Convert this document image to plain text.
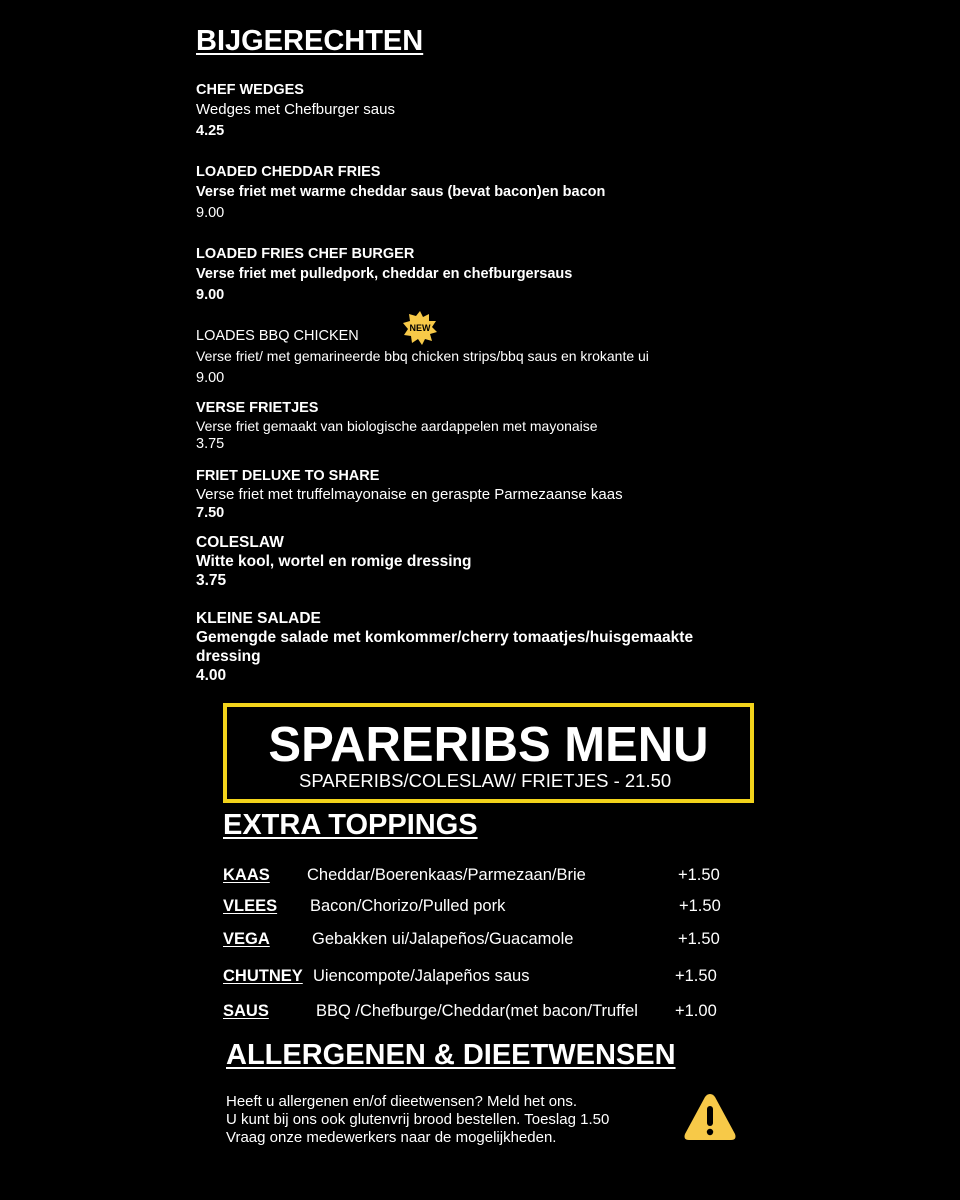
BIJGERECHTEN
CHEF WEDGES
Wedges met Chefburger saus
4.25
LOADED CHEDDAR FRIES
Verse friet met warme cheddar saus (bevat bacon)en bacon
9.00
LOADED FRIES CHEF BURGER
Verse friet met pulledpork, cheddar en chefburgersaus
9.00
LOADES BBQ CHICKEN	NEW
Verse friet/ met gemarineerde bbq chicken strips/bbq saus en krokante ui
9.00
VERSE FRIETJES
Verse friet gemaakt van biologische aardappelen met mayonaise
3.75
FRIET DELUXE TO SHARE
Verse friet met truffelmayonaise en geraspte Parmezaanse kaas
7.50
COLESLAW
Witte kool, wortel en romige dressing
3.75
KLEINE SALADE
Gemengde salade met komkommer/cherry tomaatjes/huisgemaakte
dressing
4.00
SPARERIBS MENU
SPARERIBS/COLESLAW/ FRIETJES - 21.50
EXTRA TOPPINGS
KAAS Cheddar/Boerenkaas/Parmezaan/Brie	+1.50
VLEES Bacon/Chorizo/Pulled pork	+1.50
VEGA	Gebakken ui/Jalapeños/Guacamole	+1.50
CHUTNEY Uiencompote/Jalapeños saus	+1.50
SAUS	BBQ /Chefburge/Cheddar(met bacon/Truffel +1.00
ALLERGENEN & DIEETWENSEN
Heeft u allergenen en/of dieetwensen? Meld het ons.
U kunt bij ons ook glutenvrij brood bestellen. Toeslag 1.50
Vraag onze medewerkers naar de mogelijkheden.
